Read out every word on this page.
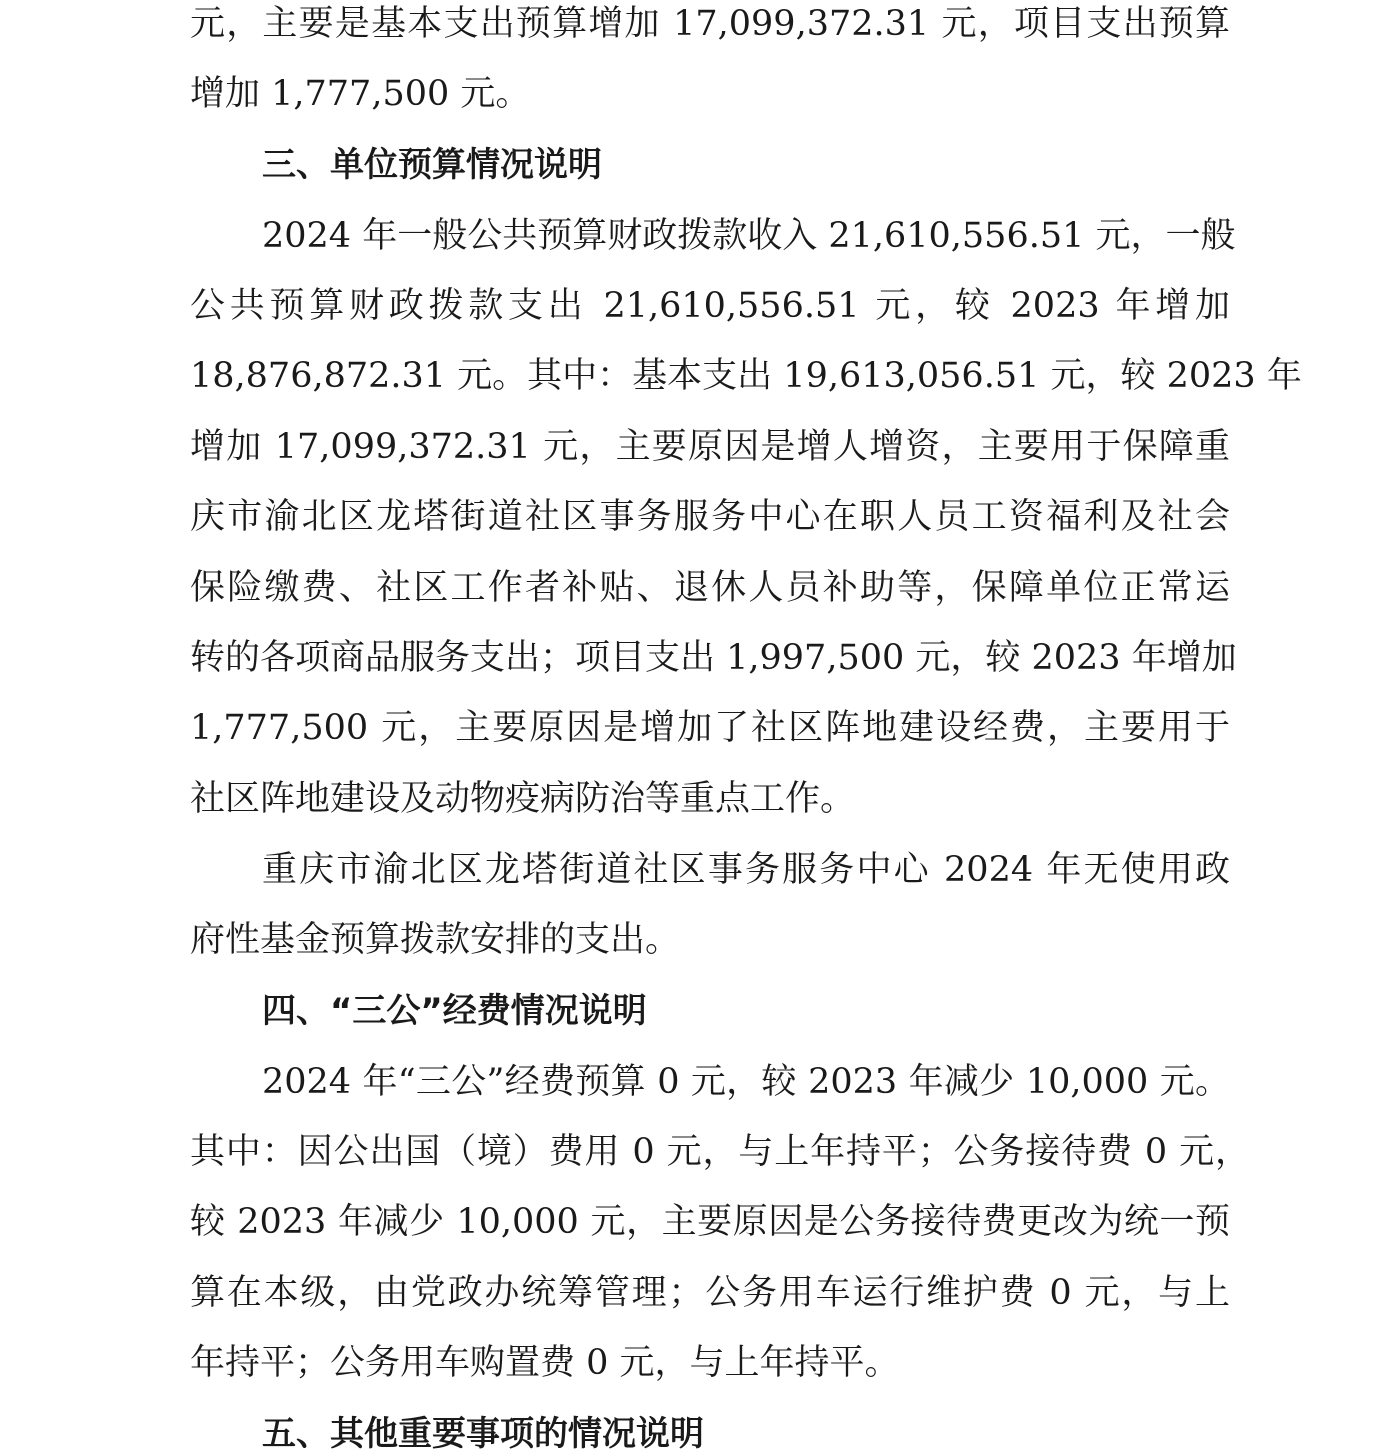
元，主要是基本支出预算增加 17,099,372.31 元，项目支出预算
增加 1,777,500 元。
三、单位预算情况说明
2024 年一般公共预算财政拨款收入 21,610,556.51 元，一般
公共预算财政拨款支出 21,610,556.51 元，较 2023 年增加
18,876,872.31 元。其中：基本支出 19,613,056.51 元，较 2023 年
增加 17,099,372.31 元，主要原因是增人增资，主要用于保障重
庆市渝北区龙塔街道社区事务服务中心在职人员工资福利及社会
保险缴费、社区工作者补贴、退休人员补助等，保障单位正常运
转的各项商品服务支出；项目支出 1,997,500 元，较 2023 年增加
1,777,500 元，主要原因是增加了社区阵地建设经费，主要用于
社区阵地建设及动物疫病防治等重点工作。
重庆市渝北区龙塔街道社区事务服务中心 2024 年无使用政
府性基金预算拨款安排的支出。
四、“三公”经费情况说明
2024 年“三公”经费预算 0 元，较 2023 年减少 10,000 元。
其中：因公出国（境）费用 0 元，与上年持平；公务接待费 0 元，
较 2023 年减少 10,000 元，主要原因是公务接待费更改为统一预
算在本级，由党政办统筹管理；公务用车运行维护费 0 元，与上
年持平；公务用车购置费 0 元，与上年持平。
五、其他重要事项的情况说明
